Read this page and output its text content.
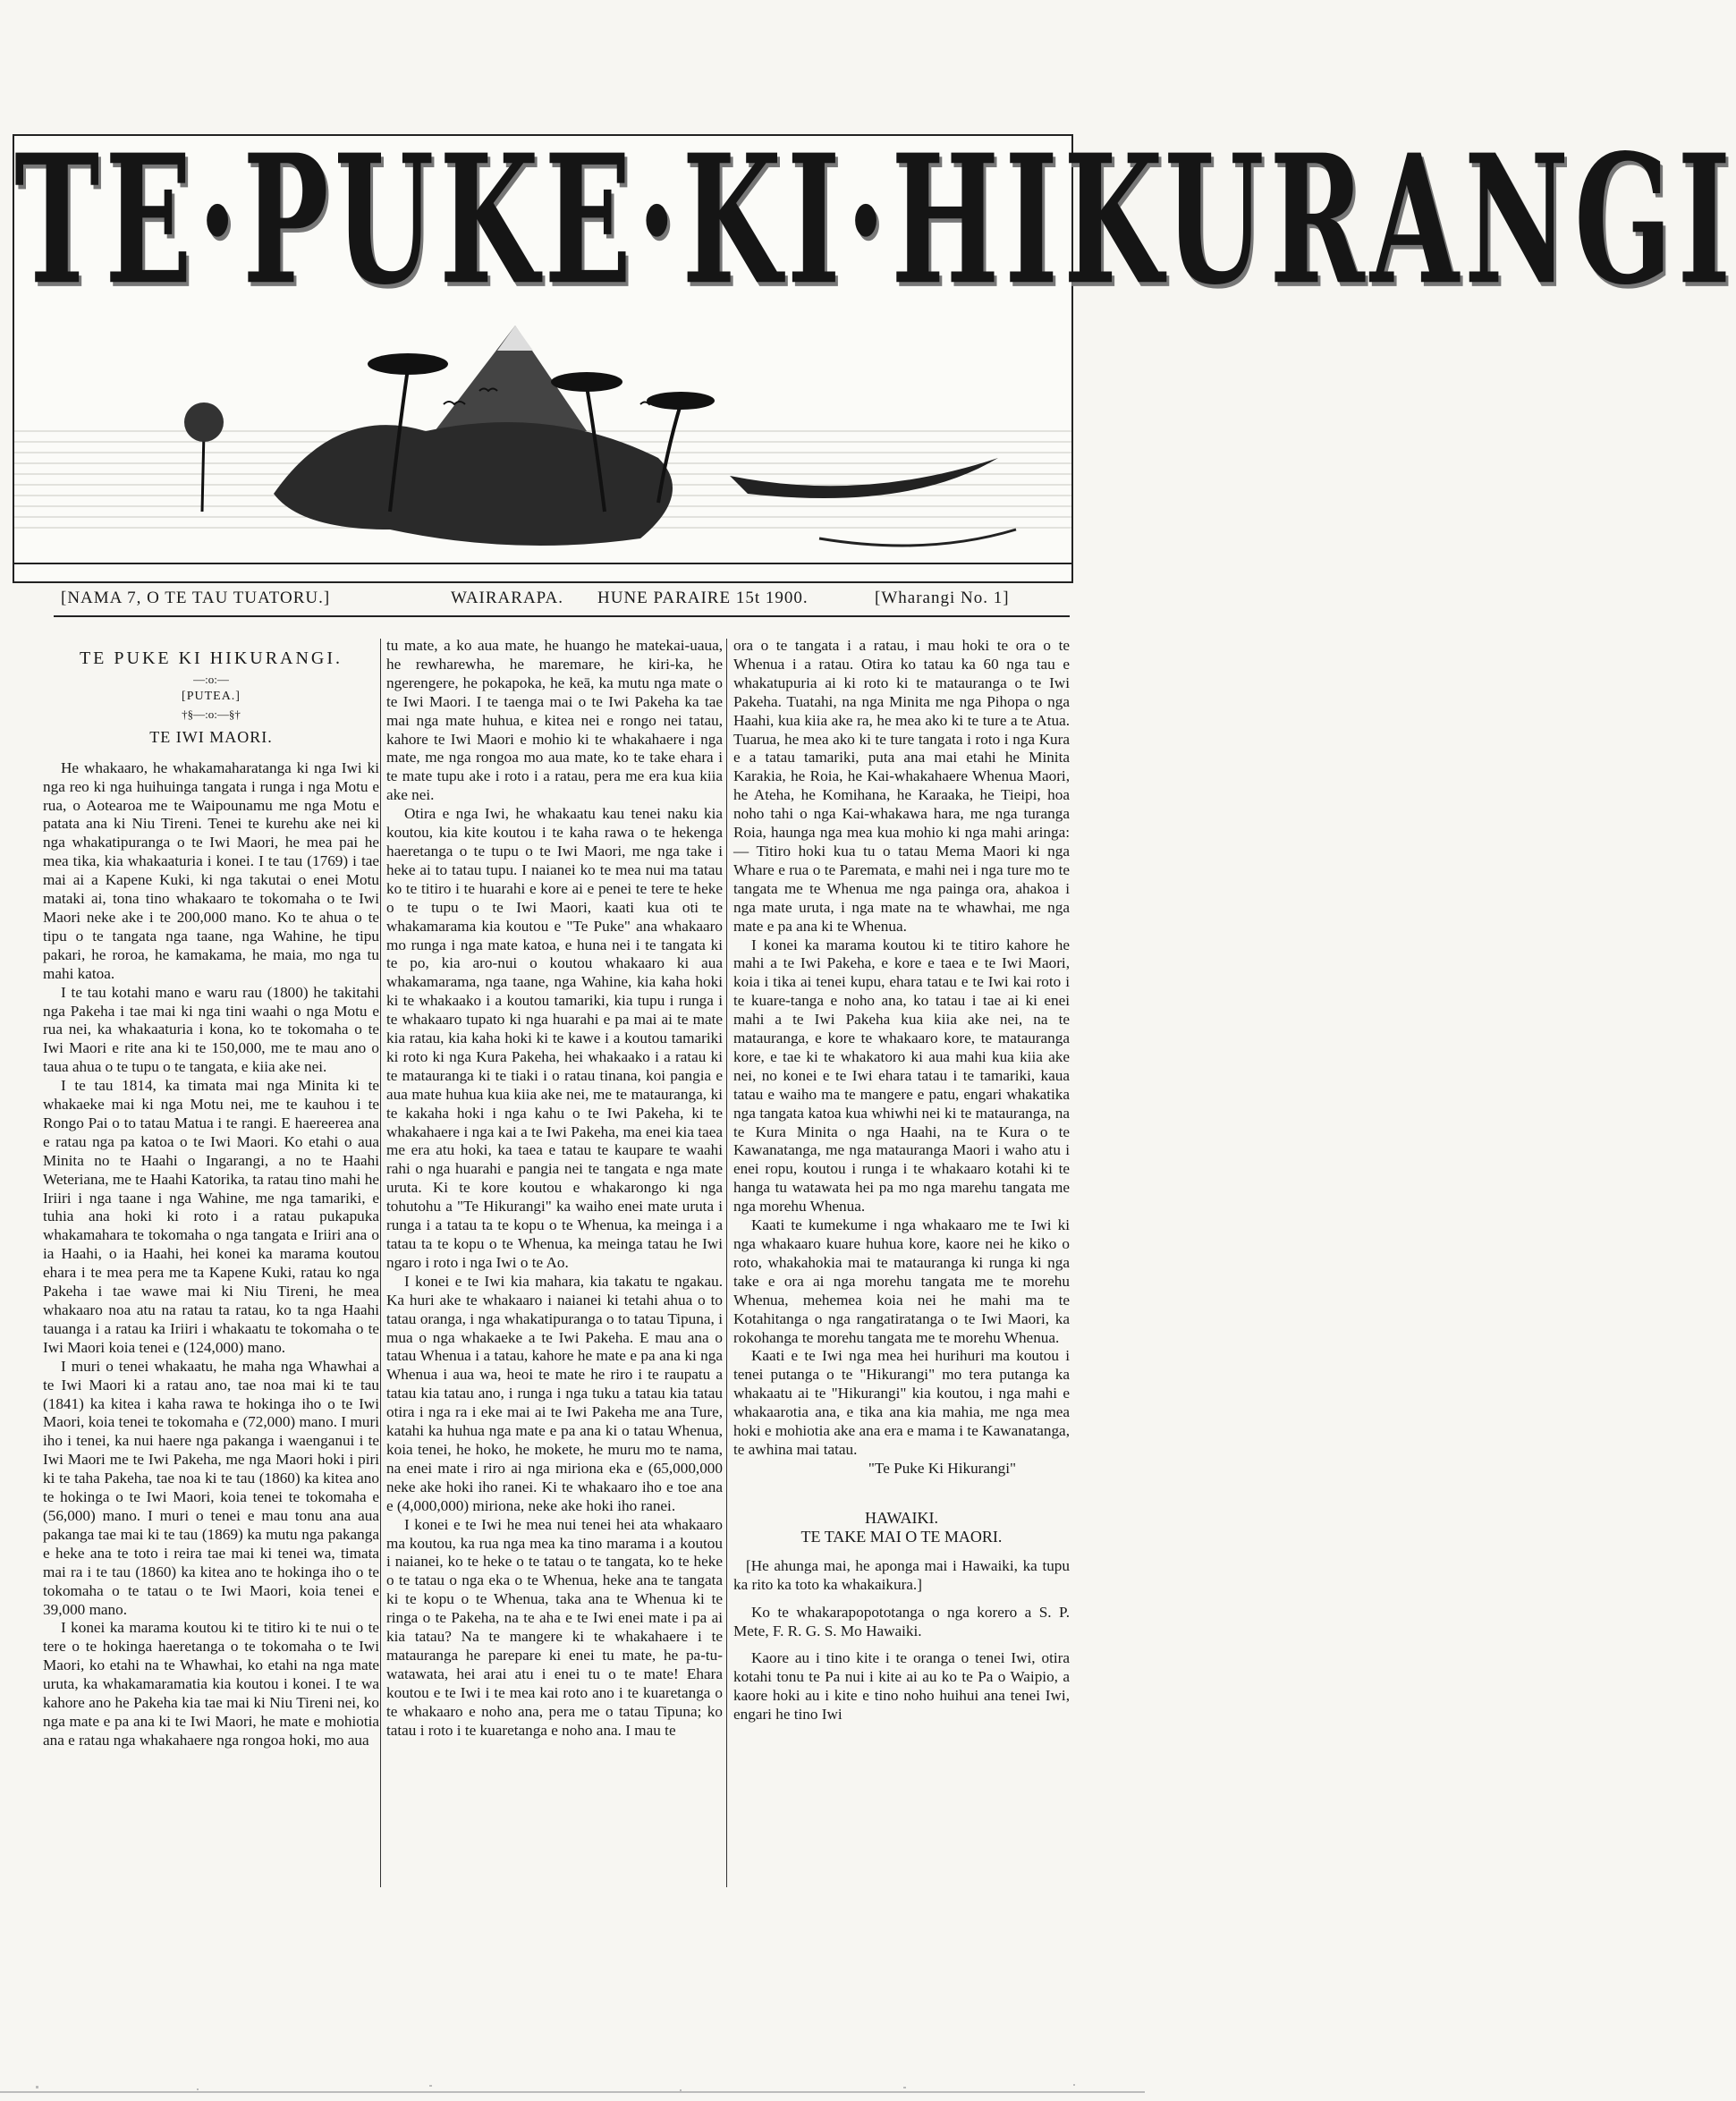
TE·PUKE·KI·HIKURANGI
[NAMA 7, O TE TAU TUATORU.]	WAIRARAPA. HUNE PARAIRE 15t 1900.	[Wharangi No. 1]

TE PUKE KI HIKURANGI.

—:o:—

[PUTEA.]

†§—:o:—§†

TE IWI MAORI.

He whakaaro, he whakamaharatanga ki nga Iwi ki nga reo ki nga huihuinga tangata i runga i nga Motu e rua, o Aotearoa me te Waipounamu me nga Motu e patata ana ki Niu Tireni. Tenei te kurehu ake nei ki nga whakatipuranga o te Iwi Maori, he mea pai he mea tika, kia whakaaturia i konei. I te tau (1769) i tae mai ai a Kapene Kuki, ki nga takutai o enei Motu mataki ai, tona tino whakaaro te tokomaha o te Iwi Maori neke ake i te 200,000 mano. Ko te ahua o te tipu o te tangata nga taane, nga Wahine, he tipu pakari, he roroa, he kamakama, he maia, mo nga tu mahi katoa.

I te tau kotahi mano e waru rau (1800) he takitahi nga Pakeha i tae mai ki nga tini waahi o nga Motu e rua nei, ka whakaaturia i kona, ko te tokomaha o te Iwi Maori e rite ana ki te 150,000, me te mau ano o taua ahua o te tupu o te tangata, e kiia ake nei.

I te tau 1814, ka timata mai nga Minita ki te whakaeke mai ki nga Motu nei, me te kauhou i te Rongo Pai o to tatau Matua i te rangi. E haereerea ana e ratau nga pa katoa o te Iwi Maori. Ko etahi o aua Minita no te Haahi o Ingarangi, a no te Haahi Weteriana, me te Haahi Katorika, ta ratau tino mahi he Iriiri i nga taane i nga Wahine, me nga tamariki, e tuhia ana hoki ki roto i a ratau pukapuka whakamahara te tokomaha o nga tangata e Iriiri ana o ia Haahi, o ia Haahi, hei konei ka marama koutou ehara i te mea pera me ta Kapene Kuki, ratau ko nga Pakeha i tae wawe mai ki Niu Tireni, he mea whakaaro noa atu na ratau ta ratau, ko ta nga Haahi tauanga i a ratau ka Iriiri i whakaatu te tokomaha o te Iwi Maori koia tenei e (124,000) mano.

I muri o tenei whakaatu, he maha nga Whawhai a te Iwi Maori ki a ratau ano, tae noa mai ki te tau (1841) ka kitea i kaha rawa te hokinga iho o te Iwi Maori, koia tenei te tokomaha e (72,000) mano. I muri iho i tenei, ka nui haere nga pakanga i waenganui i te Iwi Maori me te Iwi Pakeha, me nga Maori hoki i piri ki te taha Pakeha, tae noa ki te tau (1860) ka kitea ano te hokinga o te Iwi Maori, koia tenei te tokomaha e (56,000) mano. I muri o tenei e mau tonu ana aua pakanga tae mai ki te tau (1869) ka mutu nga pakanga e heke ana te toto i reira tae mai ki tenei wa, timata mai ra i te tau (1860) ka kitea ano te hokinga iho o te tokomaha o te tatau o te Iwi Maori, koia tenei e 39,000 mano.

I konei ka marama koutou ki te titiro ki te nui o te tere o te hokinga haeretanga o te tokomaha o te Iwi Maori, ko etahi na te Whawhai, ko etahi na nga mate uruta, ka whakamaramatia kia koutou i konei. I te wa kahore ano he Pakeha kia tae mai ki Niu Tireni nei, ko nga mate e pa ana ki te Iwi Maori, he mate e mohiotia ana e ratau nga whakahaere nga rongoa hoki, mo aua

tu mate, a ko aua mate, he huango he matekai-uaua, he rewharewha, he maremare, he kiri-ka, he ngerengere, he pokapoka, he keā, ka mutu nga mate o te Iwi Maori. I te taenga mai o te Iwi Pakeha ka tae mai nga mate huhua, e kitea nei e rongo nei tatau, kahore te Iwi Maori e mohio ki te whakahaere i nga mate, me nga rongoa mo aua mate, ko te take ehara i te mate tupu ake i roto i a ratau, pera me era kua kiia ake nei.

Otira e nga Iwi, he whakaatu kau tenei naku kia koutou, kia kite koutou i te kaha rawa o te hekenga haeretanga o te tupu o te Iwi Maori, me nga take i heke ai to tatau tupu. I naianei ko te mea nui ma tatau ko te titiro i te huarahi e kore ai e penei te tere te heke o te tupu o te Iwi Maori, kaati kua oti te whakamarama kia koutou e "Te Puke" ana whakaaro mo runga i nga mate katoa, e huna nei i te tangata ki te po, kia aro-nui o koutou whakaaro ki aua whakamarama, nga taane, nga Wahine, kia kaha hoki ki te whakaako i a koutou tamariki, kia tupu i runga i te whakaaro tupato ki nga huarahi e pa mai ai te mate kia ratau, kia kaha hoki ki te kawe i a koutou tamariki ki roto ki nga Kura Pakeha, hei whakaako i a ratau ki te matauranga ki te tiaki i o ratau tinana, koi pangia e aua mate huhua kua kiia ake nei, me te matauranga, ki te kakaha hoki i nga kahu o te Iwi Pakeha, ki te whakahaere i nga kai a te Iwi Pakeha, ma enei kia taea me era atu hoki, ka taea e tatau te kaupare te waahi rahi o nga huarahi e pangia nei te tangata e nga mate uruta. Ki te kore koutou e whakarongo ki nga tohutohu a "Te Hikurangi" ka waiho enei mate uruta i runga i a tatau ta te kopu o te Whenua, ka meinga i a tatau ta te kopu o te Whenua, ka meinga tatau he Iwi ngaro i roto i nga Iwi o te Ao.

I konei e te Iwi kia mahara, kia takatu te ngakau. Ka huri ake te whakaaro i naianei ki tetahi ahua o to tatau oranga, i nga whakatipuranga o to tatau Tipuna, i mua o nga whakaeke a te Iwi Pakeha. E mau ana o tatau Whenua i a tatau, kahore he mate e pa ana ki nga Whenua i aua wa, heoi te mate he riro i te raupatu a tatau kia tatau ano, i runga i nga tuku a tatau kia tatau otira i nga ra i eke mai ai te Iwi Pakeha me ana Ture, katahi ka huhua nga mate e pa ana ki o tatau Whenua, koia tenei, he hoko, he mokete, he muru mo te nama, na enei mate i riro ai nga miriona eka e (65,000,000 neke ake hoki iho ranei. Ki te whakaaro iho e toe ana e (4,000,000) miriona, neke ake hoki iho ranei.

I konei e te Iwi he mea nui tenei hei ata whakaaro ma koutou, ka rua nga mea ka tino marama i a koutou i naianei, ko te heke o te tatau o te tangata, ko te heke o te tatau o nga eka o te Whenua, heke ana te tangata ki te kopu o te Whenua, taka ana te Whenua ki te ringa o te Pakeha, na te aha e te Iwi enei mate i pa ai kia tatau? Na te mangere ki te whakahaere i te matauranga he parepare ki enei tu mate, he pa-tu-watawata, hei arai atu i enei tu o te mate! Ehara koutou e te Iwi i te mea kai roto ano i te kuaretanga o te whakaaro e noho ana, pera me o tatau Tipuna; ko tatau i roto i te kuaretanga e noho ana. I mau te

ora o te tangata i a ratau, i mau hoki te ora o te Whenua i a ratau. Otira ko tatau ka 60 nga tau e whakatupuria ai ki roto ki te matauranga o te Iwi Pakeha. Tuatahi, na nga Minita me nga Pihopa o nga Haahi, kua kiia ake ra, he mea ako ki te ture a te Atua. Tuarua, he mea ako ki te ture tangata i roto i nga Kura e a tatau tamariki, puta ana mai etahi he Minita Karakia, he Roia, he Kai-whakahaere Whenua Maori, he Ateha, he Komihana, he Karaaka, he Tieipi, hoa noho tahi o nga Kai-whakawa hara, me nga turanga Roia, haunga nga mea kua mohio ki nga mahi aringa:— Titiro hoki kua tu o tatau Mema Maori ki nga Whare e rua o te Paremata, e mahi nei i nga ture mo te tangata me te Whenua me nga painga ora, ahakoa i nga mate uruta, i nga mate na te whawhai, me nga mate e pa ana ki te Whenua.

I konei ka marama koutou ki te titiro kahore he mahi a te Iwi Pakeha, e kore e taea e te Iwi Maori, koia i tika ai tenei kupu, ehara tatau e te Iwi kai roto i te kuare-tanga e noho ana, ko tatau i tae ai ki enei mahi a te Iwi Pakeha kua kiia ake nei, na te matauranga, e kore te whakaaro kore, te matauranga kore, e tae ki te whakatoro ki aua mahi kua kiia ake nei, no konei e te Iwi ehara tatau i te tamariki, kaua tatau e waiho ma te mangere e patu, engari whakatika nga tangata katoa kua whiwhi nei ki te matauranga, na te Kura Minita o nga Haahi, na te Kura o te Kawanatanga, me nga matauranga Maori i waho atu i enei ropu, koutou i runga i te whakaaro kotahi ki te hanga tu watawata hei pa mo nga marehu tangata me nga morehu Whenua.

Kaati te kumekume i nga whakaaro me te Iwi ki nga whakaaro kuare huhua kore, kaore nei he kiko o roto, whakahokia mai te matauranga ki runga ki nga take e ora ai nga morehu tangata me te morehu Whenua, mehemea koia nei he mahi ma te Kotahitanga o nga rangatiratanga o te Iwi Maori, ka rokohanga te morehu tangata me te morehu Whenua.

Kaati e te Iwi nga mea hei hurihuri ma koutou i tenei putanga o te "Hikurangi" mo tera putanga ka whakaatu ai te "Hikurangi" kia koutou, i nga mahi e whakaarotia ana, e tika ana kia mahia, me nga mea hoki e mohiotia ake ana era e mama i te Kawanatanga, te awhina mai tatau.

"Te Puke Ki Hikurangi"

HAWAIKI.

TE TAKE MAI O TE MAORI.

[He ahunga mai, he aponga mai i Hawaiki, ka tupu ka rito ka toto ka whakaikura.]

Ko te whakarapopototanga o nga korero a S. P. Mete, F. R. G. S. Mo Hawaiki.

Kaore au i tino kite i te oranga o tenei Iwi, otira kotahi tonu te Pa nui i kite ai au ko te Pa o Waipio, a kaore hoki au i kite e tino noho huihui ana tenei Iwi, engari he tino Iwi
